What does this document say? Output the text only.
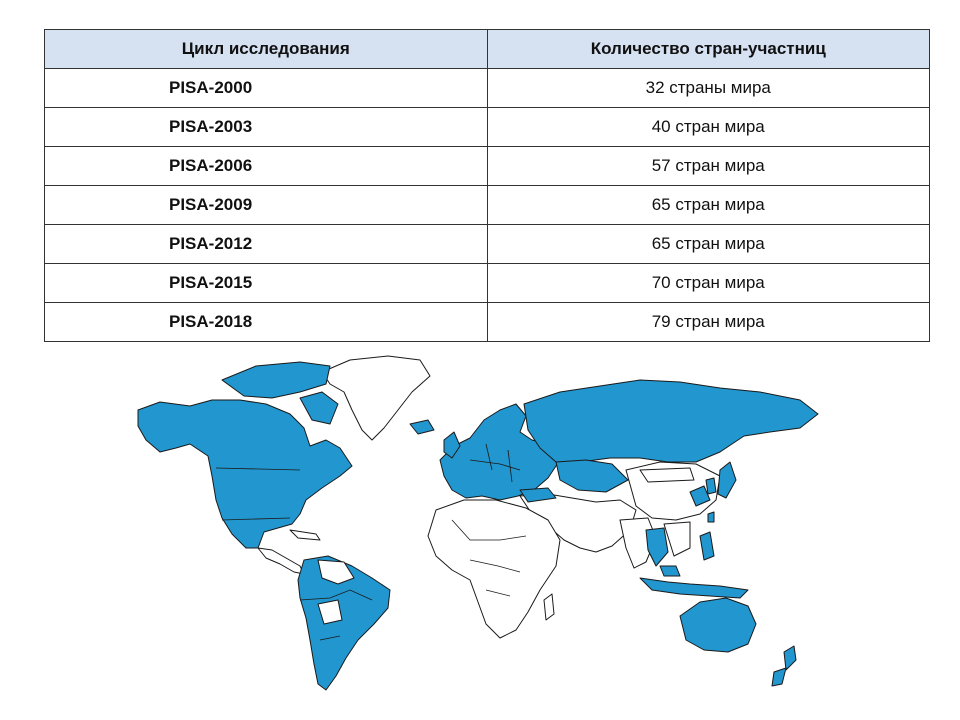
Цикл исследования	Количество стран-участниц
PISA-2000	32 страны мира
PISA-2003	40 стран мира
PISA-2006	57 стран мира
PISA-2009	65 стран мира
PISA-2012	65 стран мира
PISA-2015	70 стран мира
PISA-2018	79 стран мира
